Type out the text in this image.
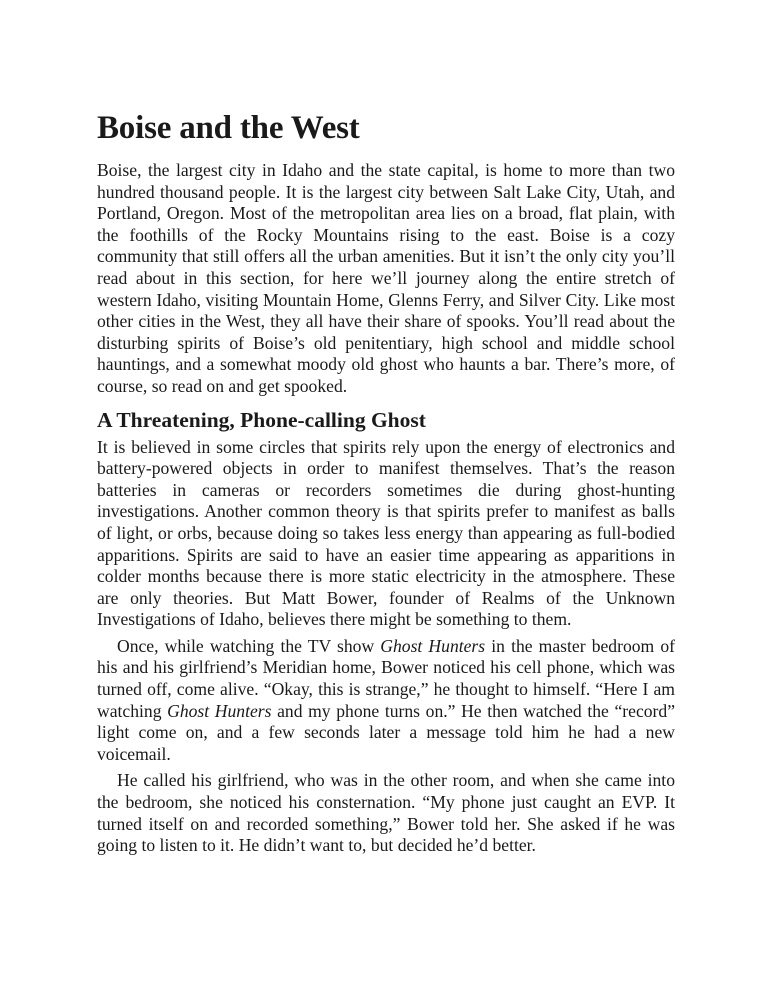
Boise and the West

Boise, the largest city in Idaho and the state capital, is home to more than two hundred thousand people. It is the largest city between Salt Lake City, Utah, and Portland, Oregon. Most of the metropolitan area lies on a broad, flat plain, with the foothills of the Rocky Mountains rising to the east. Boise is a cozy community that still offers all the urban amenities. But it isn’t the only city you’ll read about in this section, for here we’ll journey along the entire stretch of western Idaho, visiting Mountain Home, Glenns Ferry, and Silver City. Like most other cities in the West, they all have their share of spooks. You’ll read about the disturbing spirits of Boise’s old penitentiary, high school and middle school hauntings, and a somewhat moody old ghost who haunts a bar. There’s more, of course, so read on and get spooked.

A Threatening, Phone-calling Ghost

It is believed in some circles that spirits rely upon the energy of electronics and battery-powered objects in order to manifest themselves. That’s the reason batteries in cameras or recorders sometimes die during ghost-hunting investigations. Another common theory is that spirits prefer to manifest as balls of light, or orbs, because doing so takes less energy than appearing as full-bodied apparitions. Spirits are said to have an easier time appearing as apparitions in colder months because there is more static electricity in the atmosphere. These are only theories. But Matt Bower, founder of Realms of the Unknown Investigations of Idaho, believes there might be something to them.

Once, while watching the TV show Ghost Hunters in the master bedroom of his and his girlfriend’s Meridian home, Bower noticed his cell phone, which was turned off, come alive. “Okay, this is strange,” he thought to himself. “Here I am watching Ghost Hunters and my phone turns on.” He then watched the “record” light come on, and a few seconds later a message told him he had a new voicemail.

He called his girlfriend, who was in the other room, and when she came into the bedroom, she noticed his consternation. “My phone just caught an EVP. It turned itself on and recorded something,” Bower told her. She asked if he was going to listen to it. He didn’t want to, but decided he’d better.
